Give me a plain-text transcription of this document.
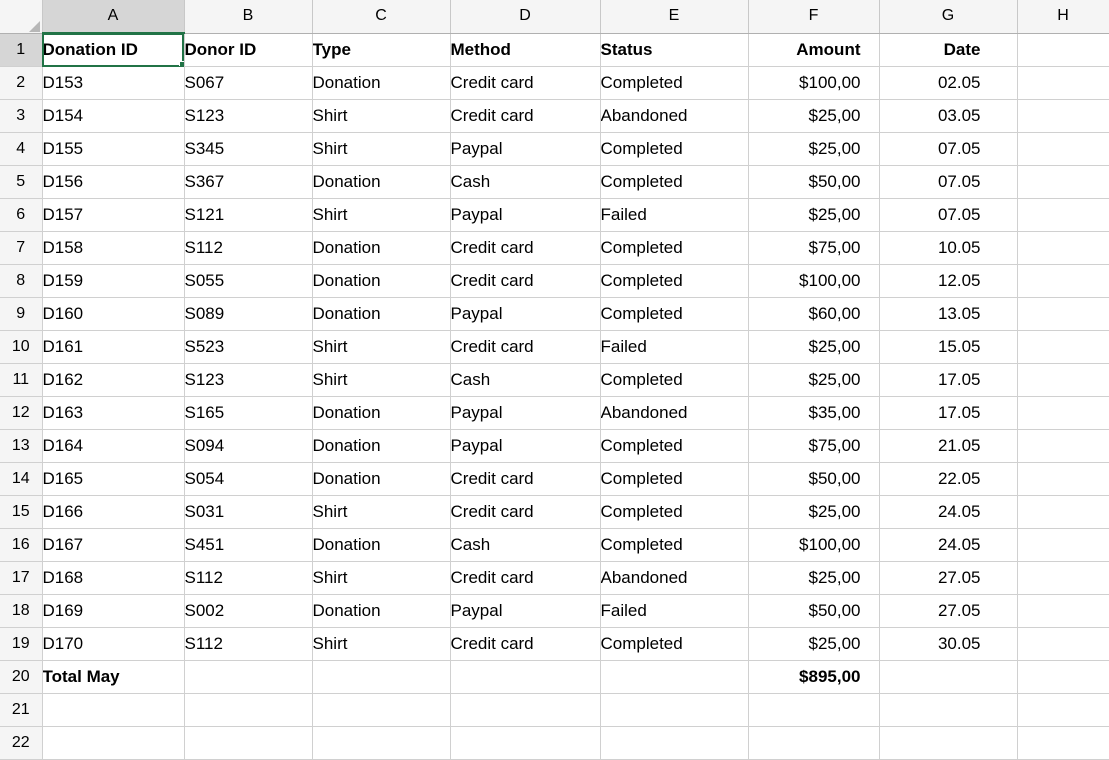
	A	B	C	D	E	F	G	H
1	Donation ID	Donor ID	Type	Method	Status	Amount	Date	
2	D153	S067	Donation	Credit card	Completed	$100,00	02.05	
3	D154	S123	Shirt	Credit card	Abandoned	$25,00	03.05	
4	D155	S345	Shirt	Paypal	Completed	$25,00	07.05	
5	D156	S367	Donation	Cash	Completed	$50,00	07.05	
6	D157	S121	Shirt	Paypal	Failed	$25,00	07.05	
7	D158	S112	Donation	Credit card	Completed	$75,00	10.05	
8	D159	S055	Donation	Credit card	Completed	$100,00	12.05	
9	D160	S089	Donation	Paypal	Completed	$60,00	13.05	
10	D161	S523	Shirt	Credit card	Failed	$25,00	15.05	
11	D162	S123	Shirt	Cash	Completed	$25,00	17.05	
12	D163	S165	Donation	Paypal	Abandoned	$35,00	17.05	
13	D164	S094	Donation	Paypal	Completed	$75,00	21.05	
14	D165	S054	Donation	Credit card	Completed	$50,00	22.05	
15	D166	S031	Shirt	Credit card	Completed	$25,00	24.05	
16	D167	S451	Donation	Cash	Completed	$100,00	24.05	
17	D168	S112	Shirt	Credit card	Abandoned	$25,00	27.05	
18	D169	S002	Donation	Paypal	Failed	$50,00	27.05	
19	D170	S112	Shirt	Credit card	Completed	$25,00	30.05	
20	Total May					$895,00		
21								
22								
